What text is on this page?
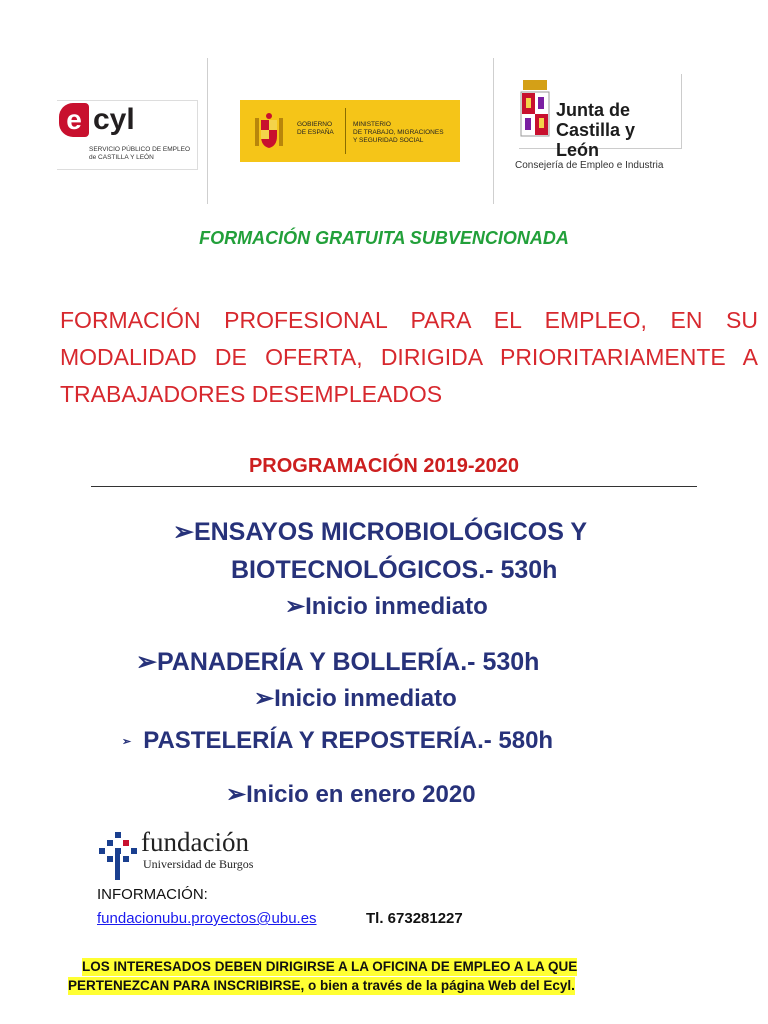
e cyl
SERVICIO PÚBLICO DE EMPLEO
de CASTILLA Y LEÓN
GOBIERNO
DE ESPAÑA
MINISTERIO
DE TRABAJO, MIGRACIONES
Y SEGURIDAD SOCIAL
Junta de
Castilla y León
Consejería de Empleo e Industria
FORMACIÓN GRATUITA SUBVENCIONADA
FORMACIÓN PROFESIONAL PARA EL EMPLEO, EN SU MODALIDAD DE OFERTA, DIRIGIDA PRIORITARIAMENTE A TRABAJADORES DESEMPLEADOS
PROGRAMACIÓN 2019-2020
➢ENSAYOS MICROBIOLÓGICOS Y
BIOTECNOLÓGICOS.- 530h
➢Inicio inmediato
➢PANADERÍA Y BOLLERÍA.- 530h
➢Inicio inmediato
➢ PASTELERÍA Y REPOSTERÍA.- 580h
➢Inicio en enero 2020
fundación
Universidad de Burgos
INFORMACIÓN:
fundacionubu.proyectos@ubu.es	Tl. 673281227
LOS INTERESADOS DEBEN DIRIGIRSE A LA OFICINA DE EMPLEO A LA QUE
PERTENEZCAN PARA INSCRIBIRSE, o bien a través de la página Web del Ecyl.
